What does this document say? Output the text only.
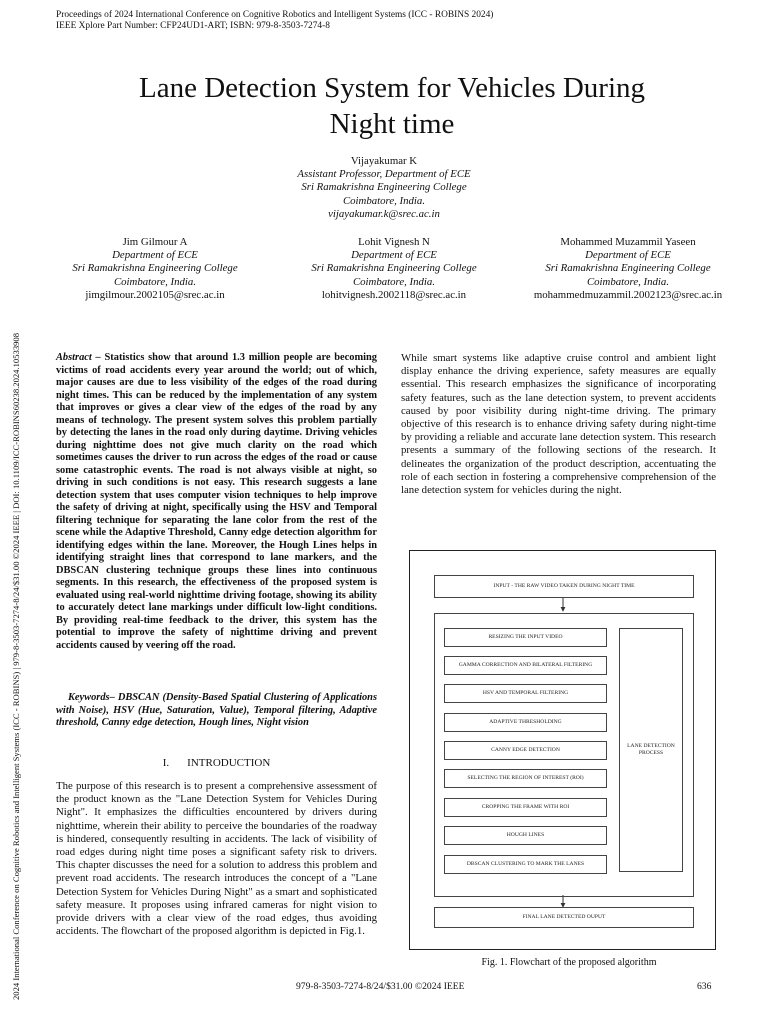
Proceedings of 2024 International Conference on Cognitive Robotics and Intelligent Systems (ICC - ROBINS 2024)
IEEE Xplore Part Number: CFP24UD1-ART; ISBN: 979-8-3503-7274-8
2024 International Conference on Cognitive Robotics and Intelligent Systems (ICC - ROBINS) | 979-8-3503-7274-8/24/$31.00 ©2024 IEEE | DOI: 10.1109/ICC-ROBINS60238.2024.10533908
Lane Detection System for Vehicles During
Night time
Vijayakumar K
Assistant Professor, Department of ECE
Sri Ramakrishna Engineering College
Coimbatore, India.
vijayakumar.k@srec.ac.in
Jim Gilmour A
Department of ECE
Sri Ramakrishna Engineering College
Coimbatore, India.
jimgilmour.2002105@srec.ac.in
Lohit Vignesh N
Department of ECE
Sri Ramakrishna Engineering College
Coimbatore, India.
lohitvignesh.2002118@srec.ac.in
Mohammed Muzammil Yaseen
Department of ECE
Sri Ramakrishna Engineering College
Coimbatore, India.
mohammedmuzammil.2002123@srec.ac.in
Abstract – Statistics show that around 1.3 million people are becoming victims of road accidents every year around the world; out of which, major causes are due to less visibility of the edges of the road during night times. This can be reduced by the implementation of any system that improves or gives a clear view of the edges of the road by any means of technology. The present system solves this problem partially by detecting the lanes in the road only during daytime. Driving vehicles during nighttime does not give much clarity on the road which sometimes causes the driver to run across the edges of the road or cause some catastrophic events. The road is not always visible at night, so driving in such conditions is not easy. This research suggests a lane detection system that uses computer vision techniques to help improve the safety of driving at night, specifically using the HSV and Temporal filtering technique for separating the lane color from the rest of the scene while the Adaptive Threshold, Canny edge detection algorithm for identifying edges within the lane. Moreover, the Hough Lines helps in identifying straight lines that correspond to lane markers, and the DBSCAN clustering technique groups these lines into continuous segments. In this research, the effectiveness of the proposed system is evaluated using real-world nighttime driving footage, showing its ability to accurately detect lane markings under difficult low-light conditions. By providing real-time feedback to the driver, this system has the potential to improve the safety of nighttime driving and prevent accidents caused by veering off the road.
Keywords– DBSCAN (Density-Based Spatial Clustering of Applications with Noise), HSV (Hue, Saturation, Value), Temporal filtering, Adaptive threshold, Canny edge detection, Hough lines, Night vision
I. INTRODUCTION
The purpose of this research is to present a comprehensive assessment of the product known as the "Lane Detection System for Vehicles During Night". It emphasizes the difficulties encountered by drivers during nighttime, wherein their ability to perceive the boundaries of the roadway is hindered, consequently resulting in accidents. The lack of visibility of road edges during night time poses a significant safety risk to drivers. This chapter discusses the need for a solution to address this problem and prevent road accidents. The research introduces the concept of a "Lane Detection System for Vehicles During Night" as a smart and sophisticated safety measure. It proposes using infrared cameras for night vision to provide drivers with a clear view of the road edges, thus avoiding accidents. The flowchart of the proposed algorithm is depicted in Fig.1.
While smart systems like adaptive cruise control and ambient light display enhance the driving experience, safety measures are equally essential. This research emphasizes the significance of incorporating safety features, such as the lane detection system, to prevent accidents caused by poor visibility during night-time driving. The primary objective of this research is to enhance driving safety during night-time by providing a reliable and accurate lane detection system. This research presents a summary of the following sections of the research. It delineates the organization of the product description, accentuating the role of each section in fostering a comprehensive comprehension of the lane detection system for vehicles during the night.
INPUT - THE RAW VIDEO TAKEN DURING NIGHT TIME
RESIZING THE INPUT VIDEO
GAMMA CORRECTION AND BILATERAL FILTERING
HSV AND TEMPORAL FILTERING
ADAPTIVE THRESHOLDING
CANNY EDGE DETECTION
SELECTING THE REGION OF INTEREST (ROI)
CROPPING THE FRAME WITH ROI
HOUGH LINES
DBSCAN CLUSTERING TO MARK THE LANES
LANE DETECTION PROCESS
FINAL LANE DETECTED OUPUT
Fig. 1. Flowchart of the proposed algorithm
979-8-3503-7274-8/24/$31.00 ©2024 IEEE	636
